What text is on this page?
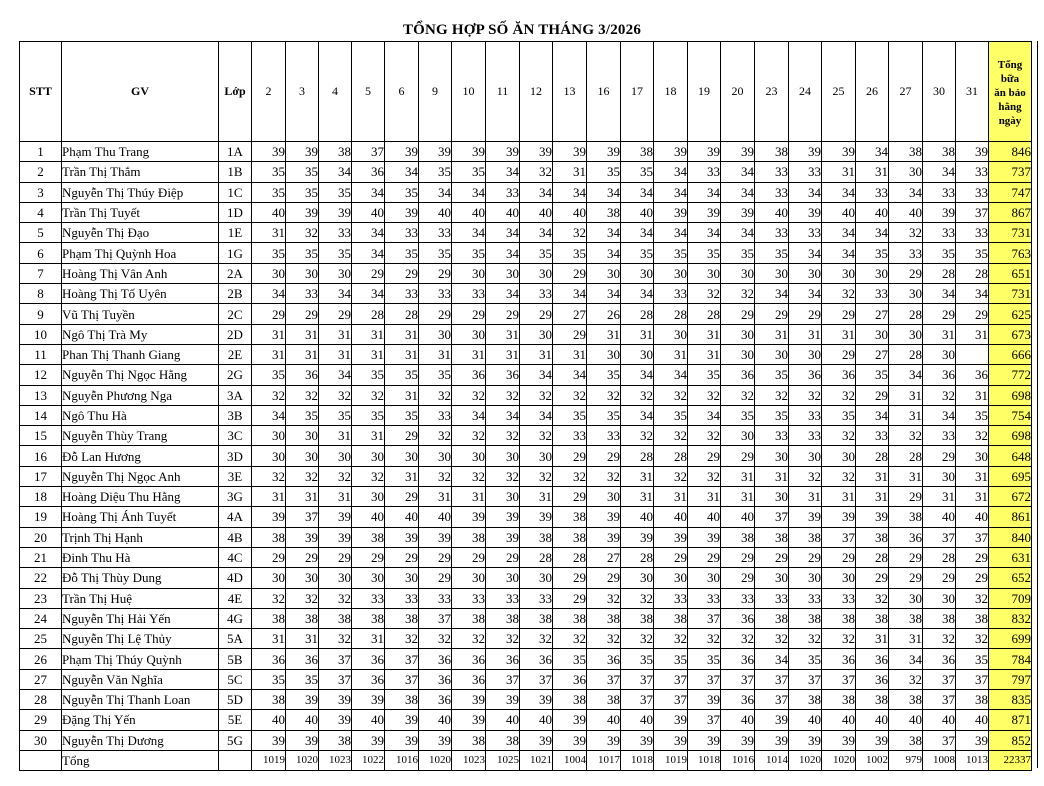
TỔNG HỢP SỐ ĂN THÁNG 3/2026
STT	GV	Lớp	2	3	4	5	6	9	10	11	12	13	16	17	18	19	20	23	24	25	26	27	30	31	Tổng
bữa
ăn bảo
hằng
ngày

1	Phạm Thu Trang	1A	39	39	38	37	39	39	39	39	39	39	39	38	39	39	39	38	39	39	34	38	38	39	846
2	Trần Thị Thắm	1B	35	35	34	36	34	35	35	34	32	31	35	35	34	33	34	33	33	31	31	30	34	33	737
3	Nguyễn Thị Thúy Điệp	1C	35	35	35	34	35	34	34	33	34	34	34	34	34	34	34	33	34	34	33	34	33	33	747
4	Trần Thị Tuyết	1D	40	39	39	40	39	40	40	40	40	40	38	40	39	39	39	40	39	40	40	40	39	37	867
5	Nguyễn Thị Đạo	1E	31	32	33	34	33	33	34	34	34	32	34	34	34	34	34	33	33	34	34	32	33	33	731
6	Phạm Thị Quỳnh Hoa	1G	35	35	35	34	35	35	35	34	35	35	34	35	35	35	35	35	34	34	35	33	35	35	763
7	Hoàng Thị Vân Anh	2A	30	30	30	29	29	29	30	30	30	29	30	30	30	30	30	30	30	30	30	29	28	28	651
8	Hoàng Thị Tố Uyên	2B	34	33	34	34	33	33	33	34	33	34	34	34	33	32	32	34	34	32	33	30	34	34	731
9	Vũ Thị Tuyền	2C	29	29	29	28	28	29	29	29	29	27	26	28	28	28	29	29	29	29	27	28	29	29	625
10	Ngô Thị Trà My	2D	31	31	31	31	31	30	30	31	30	29	31	31	30	31	30	31	31	31	30	30	31	31	673
11	Phan Thị Thanh Giang	2E	31	31	31	31	31	31	31	31	31	31	30	30	31	31	30	30	30	29	27	28	30		666
12	Nguyễn Thị Ngọc Hằng	2G	35	36	34	35	35	35	36	36	34	34	35	34	34	35	36	35	36	36	35	34	36	36	772
13	Nguyễn Phương Nga	3A	32	32	32	32	31	32	32	32	32	32	32	32	32	32	32	32	32	32	29	31	32	31	698
14	Ngô Thu Hà	3B	34	35	35	35	35	33	34	34	34	35	35	34	35	34	35	35	33	35	34	31	34	35	754
15	Nguyễn Thùy Trang	3C	30	30	31	31	29	32	32	32	32	33	33	32	32	32	30	33	33	32	33	32	33	32	698
16	Đỗ Lan Hương	3D	30	30	30	30	30	30	30	30	30	29	29	28	28	29	29	30	30	30	28	28	29	30	648
17	Nguyễn Thị Ngọc Anh	3E	32	32	32	32	31	32	32	32	32	32	32	31	32	32	31	31	32	32	31	31	30	31	695
18	Hoàng Diệu Thu Hằng	3G	31	31	31	30	29	31	31	30	31	29	30	31	31	31	31	30	31	31	31	29	31	31	672
19	Hoàng Thị Ánh Tuyết	4A	39	37	39	40	40	40	39	39	39	38	39	40	40	40	40	37	39	39	39	38	40	40	861
20	Trịnh Thị Hạnh	4B	38	39	39	38	39	39	38	39	38	38	39	39	39	39	38	38	38	37	38	36	37	37	840
21	Đinh Thu Hà	4C	29	29	29	29	29	29	29	29	28	28	27	28	29	29	29	29	29	29	28	29	28	29	631
22	Đỗ Thị Thùy Dung	4D	30	30	30	30	30	29	30	30	30	29	29	30	30	30	29	30	30	30	29	29	29	29	652
23	Trần Thị Huệ	4E	32	32	32	33	33	33	33	33	33	29	32	32	33	33	33	33	33	33	32	30	30	32	709
24	Nguyễn Thị Hải Yến	4G	38	38	38	38	38	37	38	38	38	38	38	38	38	37	36	38	38	38	38	38	38	38	832
25	Nguyễn Thị Lệ Thủy	5A	31	31	32	31	32	32	32	32	32	32	32	32	32	32	32	32	32	32	31	31	32	32	699
26	Phạm Thị Thúy Quỳnh	5B	36	36	37	36	37	36	36	36	36	35	36	35	35	35	36	34	35	36	36	34	36	35	784
27	Nguyễn Văn Nghĩa	5C	35	35	37	36	37	36	36	37	37	36	37	37	37	37	37	37	37	37	36	32	37	37	797
28	Nguyễn Thị Thanh Loan	5D	38	39	39	39	38	36	39	39	39	38	38	37	37	39	36	37	38	38	38	38	37	38	835
29	Đặng Thị Yến	5E	40	40	39	40	39	40	39	40	40	39	40	40	39	37	40	39	40	40	40	40	40	40	871
30	Nguyễn Thị Dương	5G	39	39	38	39	39	39	38	38	39	39	39	39	39	39	39	39	39	39	39	38	37	39	852
	Tổng		1019	1020	1023	1022	1016	1020	1023	1025	1021	1004	1017	1018	1019	1018	1016	1014	1020	1020	1002	979	1008	1013	22337
